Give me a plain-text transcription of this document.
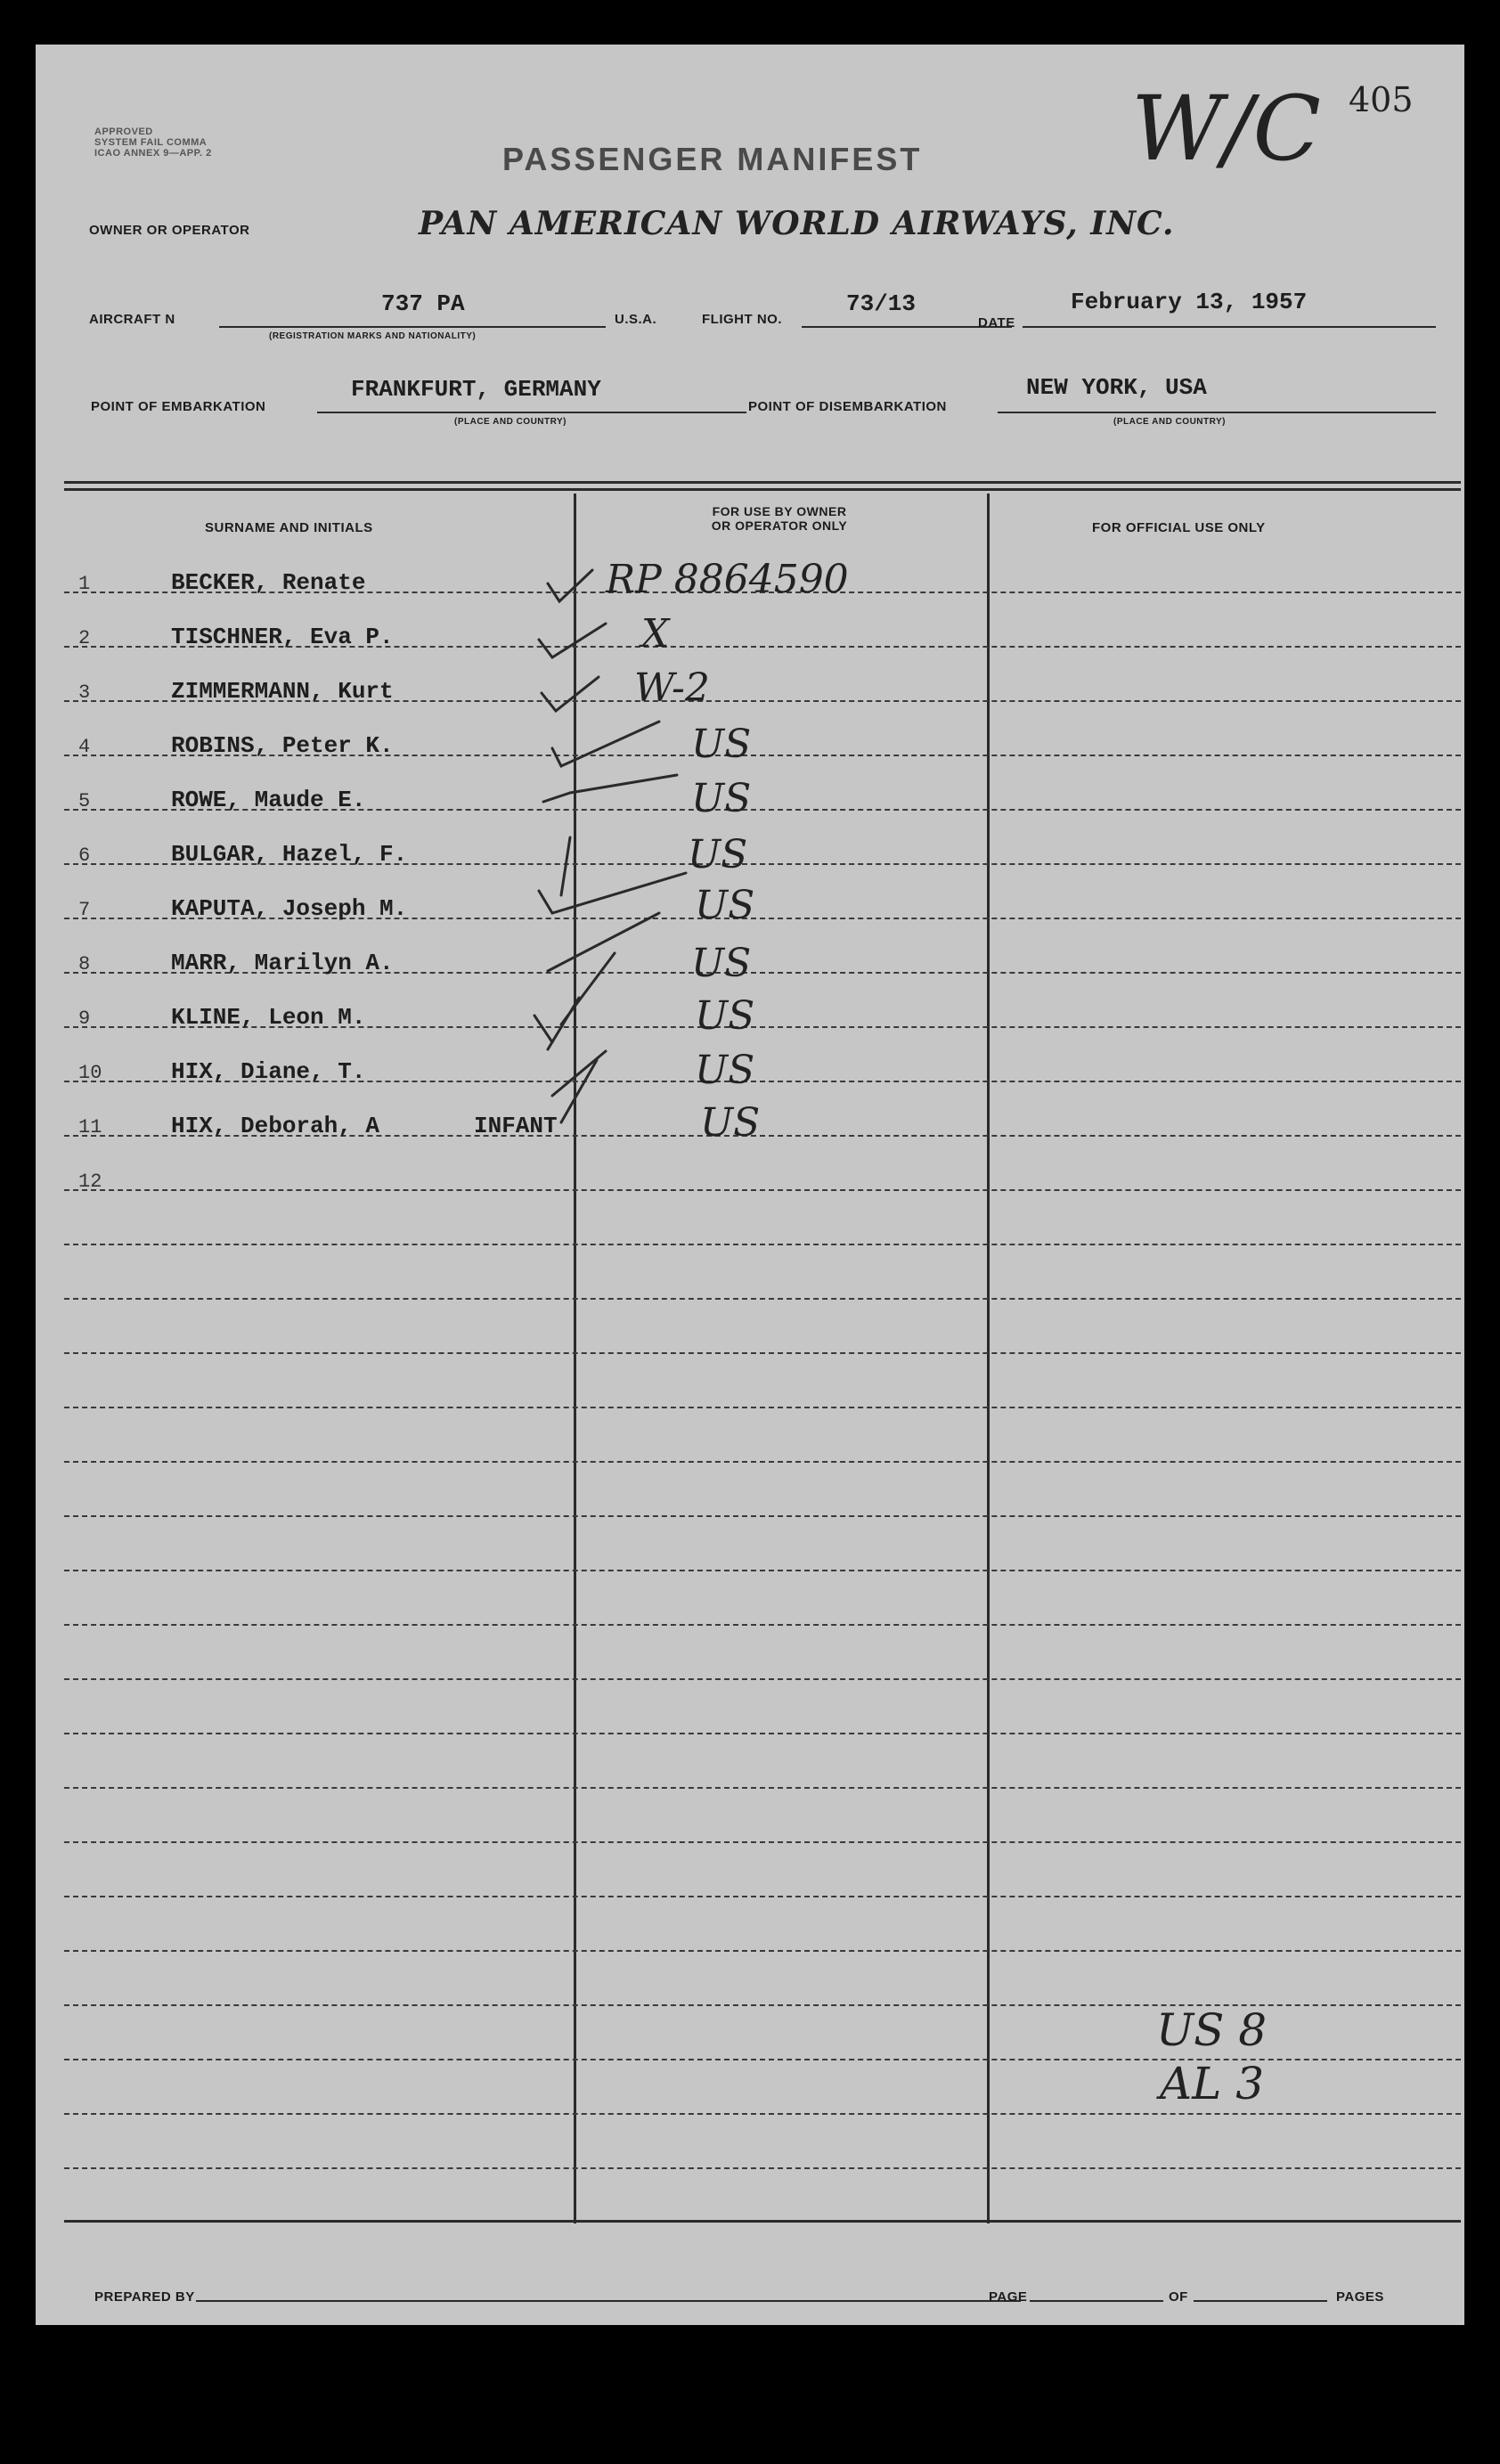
APPROVED
SYSTEM FAIL COMMA
ICAO ANNEX 9—APP. 2	PASSENGER MANIFEST W/C 405
OWNER OR OPERATOR	PAN AMERICAN WORLD AIRWAYS, INC.
AIRCRAFT N
737 PA
(REGISTRATION MARKS AND NATIONALITY)
U.S.A.	FLIGHT NO.
73/13
DATE
February 13, 1957
POINT OF EMBARKATION
FRANKFURT, GERMANY
(PLACE AND COUNTRY)
POINT OF DISEMBARKATION
NEW YORK, USA
(PLACE AND COUNTRY)
SURNAME AND INITIALS
FOR USE BY OWNER
OR OPERATOR ONLY	FOR OFFICIAL USE ONLY
1	BECKER, Renate	RP 8864590
2	TISCHNER, Eva P.	X
3	ZIMMERMANN, Kurt	W-2
4	ROBINS, Peter K.	US
5	ROWE, Maude E.	US
6	BULGAR, Hazel, F.	US
7	KAPUTA, Joseph M.	US
8	MARR, Marilyn A.	US
9	KLINE, Leon M.	US
10	HIX, Diane, T.	US
11	HIX, Deborah, A	INFANT	US
12
US 8
AL 3
PREPARED BY	PAGE	OF	PAGES
